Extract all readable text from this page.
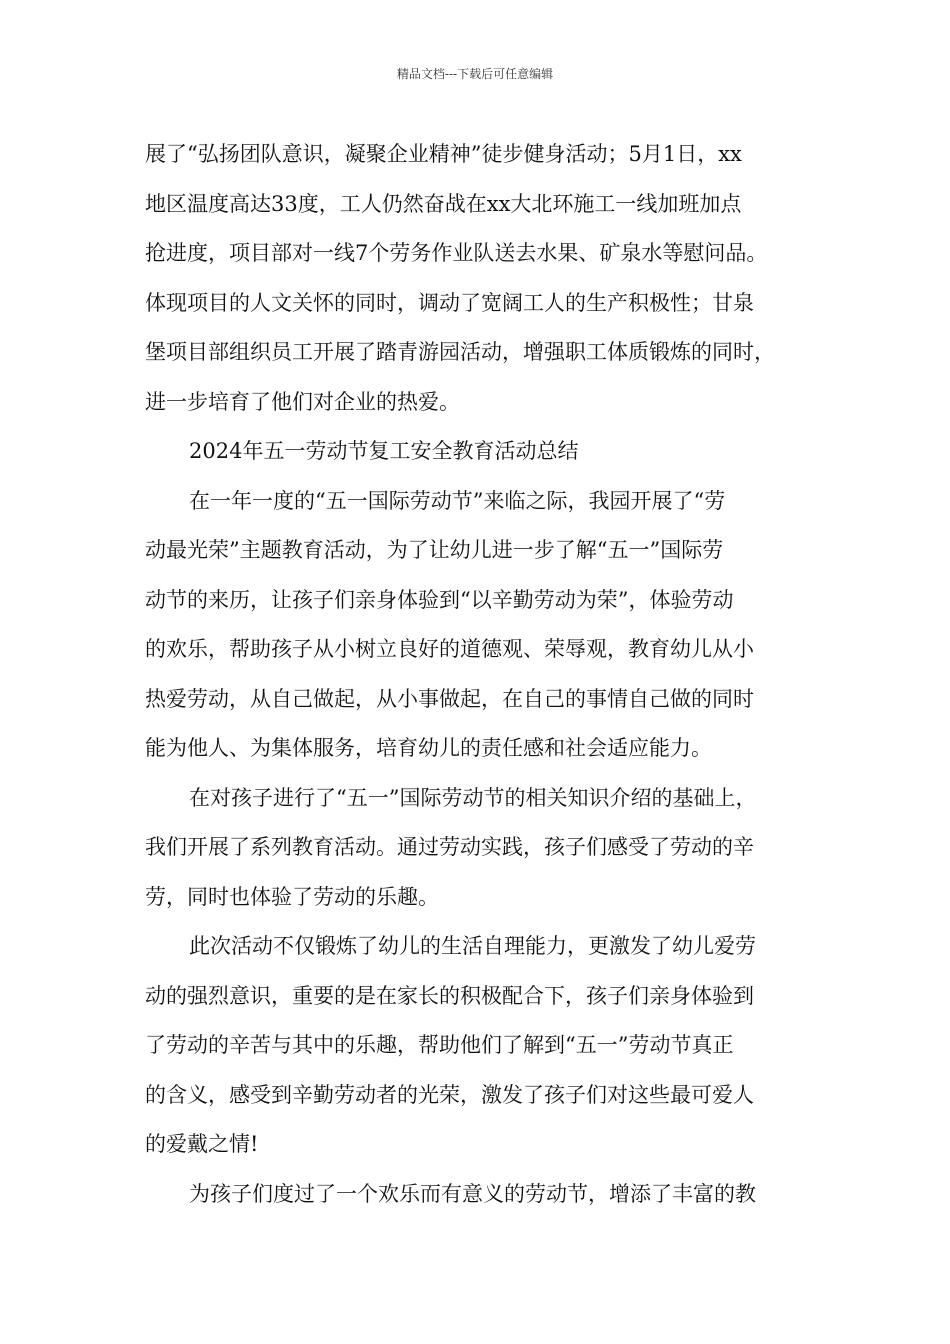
精品文档---下载后可任意编辑
展了“弘扬团队意识，凝聚企业精神”徒步健身活动；5月1日，xx
地区温度高达33度，工人仍然奋战在xx大北环施工一线加班加点
抢进度，项目部对一线7个劳务作业队送去水果、矿泉水等慰问品。
体现项目的人文关怀的同时，调动了宽阔工人的生产积极性；甘泉
堡项目部组织员工开展了踏青游园活动，增强职工体质锻炼的同时，
进一步培育了他们对企业的热爱。
2024年五一劳动节复工安全教育活动总结
在一年一度的“五一国际劳动节”来临之际，我园开展了“劳
动最光荣”主题教育活动，为了让幼儿进一步了解“五一”国际劳
动节的来历，让孩子们亲身体验到“以辛勤劳动为荣”，体验劳动
的欢乐，帮助孩子从小树立良好的道德观、荣辱观，教育幼儿从小
热爱劳动，从自己做起，从小事做起，在自己的事情自己做的同时
能为他人、为集体服务，培育幼儿的责任感和社会适应能力。
在对孩子进行了“五一”国际劳动节的相关知识介绍的基础上，
我们开展了系列教育活动。通过劳动实践，孩子们感受了劳动的辛
劳，同时也体验了劳动的乐趣。
此次活动不仅锻炼了幼儿的生活自理能力，更激发了幼儿爱劳
动的强烈意识，重要的是在家长的积极配合下，孩子们亲身体验到
了劳动的辛苦与其中的乐趣，帮助他们了解到“五一”劳动节真正
的含义，感受到辛勤劳动者的光荣，激发了孩子们对这些最可爱人
的爱戴之情!
为孩子们度过了一个欢乐而有意义的劳动节，增添了丰富的教
